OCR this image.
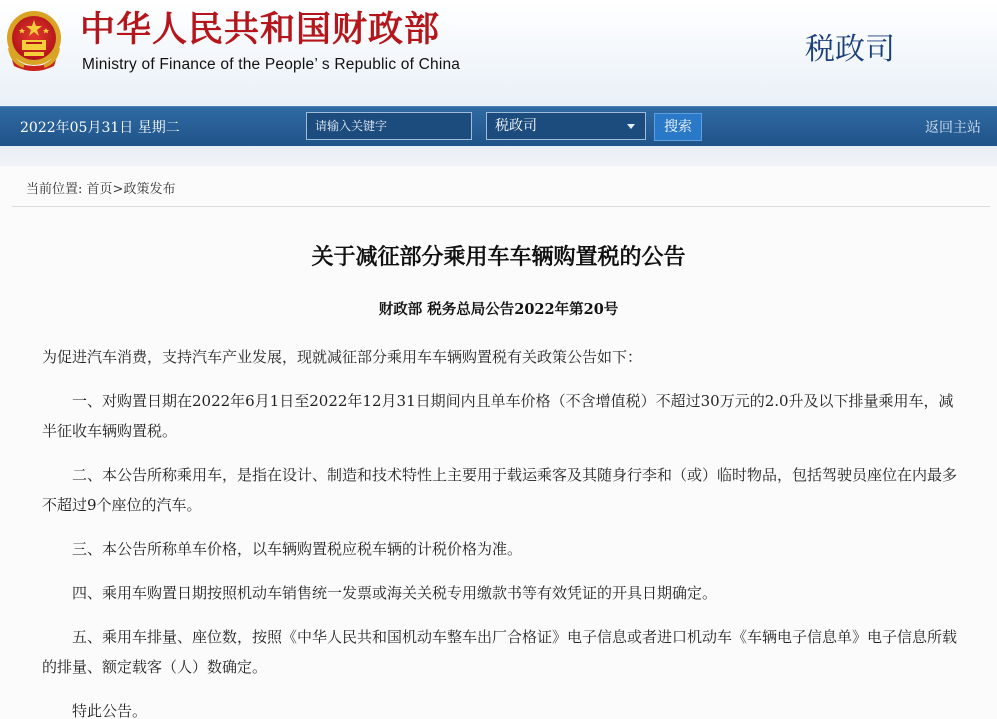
中华人民共和国财政部
Ministry of Finance of the People’ s Republic of China	税政司
2022年05月31日 星期二
请输入关键字	税政司	搜索	返回主站
当前位置: 首页>政策发布
关于减征部分乘用车车辆购置税的公告
财政部 税务总局公告2022年第20号

为促进汽车消费，支持汽车产业发展，现就减征部分乘用车车辆购置税有关政策公告如下：

一、对购置日期在2022年6月1日至2022年12月31日期间内且单车价格（不含增值税）不超过30万元的2.0升及以下排量乘用车，减半征收车辆购置税。

二、本公告所称乘用车，是指在设计、制造和技术特性上主要用于载运乘客及其随身行李和（或）临时物品，包括驾驶员座位在内最多不超过9个座位的汽车。

三、本公告所称单车价格，以车辆购置税应税车辆的计税价格为准。

四、乘用车购置日期按照机动车销售统一发票或海关关税专用缴款书等有效凭证的开具日期确定。

五、乘用车排量、座位数，按照《中华人民共和国机动车整车出厂合格证》电子信息或者进口机动车《车辆电子信息单》电子信息所载的排量、额定载客（人）数确定。

特此公告。
